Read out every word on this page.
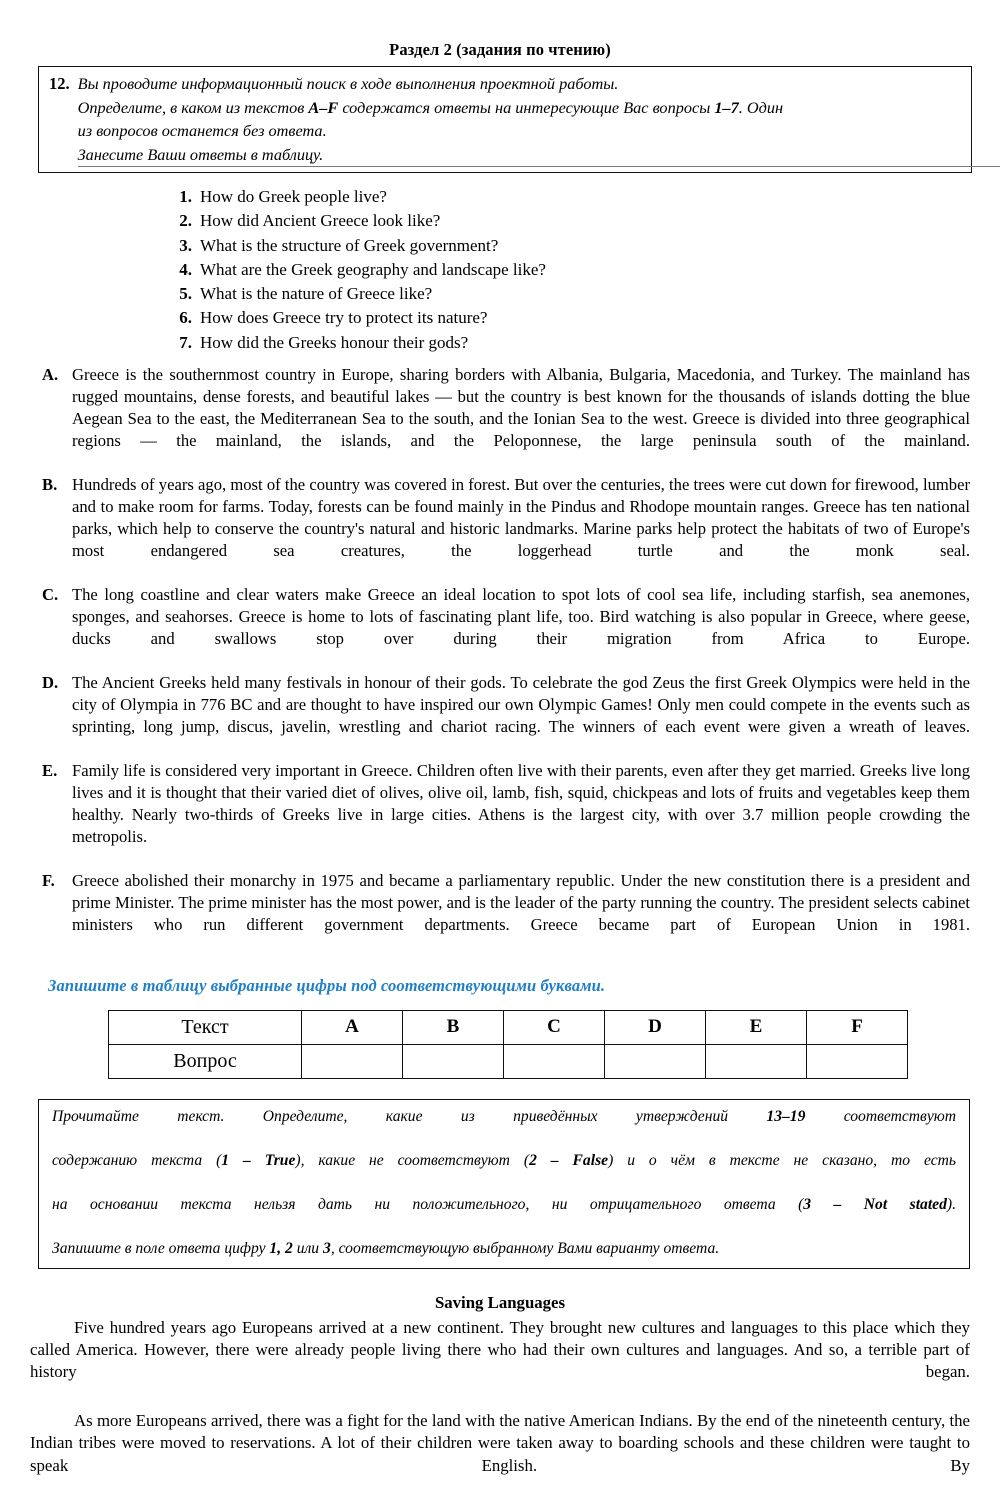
Раздел 2 (задания по чтению)
12. Вы проводите информационный поиск в ходе выполнения проектной работы.
Определите, в каком из текстов A–F содержатся ответы на интересующие Вас вопросы 1–7. Один
из вопросов останется без ответа.
Занесите Ваши ответы в таблицу.
1. How do Greek people live?
2. How did Ancient Greece look like?
3. What is the structure of Greek government?
4. What are the Greek geography and landscape like?
5. What is the nature of Greece like?
6. How does Greece try to protect its nature?
7. How did the Greeks honour their gods?
A. Greece is the southernmost country in Europe, sharing borders with Albania, Bulgaria, Macedonia, and Turkey. The mainland has rugged mountains, dense forests, and beautiful lakes — but the country is best known for the thousands of islands dotting the blue Aegean Sea to the east, the Mediterranean Sea to the south, and the Ionian Sea to the west. Greece is divided into three geographical regions — the mainland, the islands, and the Peloponnese, the large peninsula south of the mainland.
B. Hundreds of years ago, most of the country was covered in forest. But over the centuries, the trees were cut down for firewood, lumber and to make room for farms. Today, forests can be found mainly in the Pindus and Rhodope mountain ranges. Greece has ten national parks, which help to conserve the country's natural and historic landmarks. Marine parks help protect the habitats of two of Europe's most endangered sea creatures, the loggerhead turtle and the monk seal.
C. The long coastline and clear waters make Greece an ideal location to spot lots of cool sea life, including starfish, sea anemones, sponges, and seahorses. Greece is home to lots of fascinating plant life, too. Bird watching is also popular in Greece, where geese, ducks and swallows stop over during their migration from Africa to Europe.
D. The Ancient Greeks held many festivals in honour of their gods. To celebrate the god Zeus the first Greek Olympics were held in the city of Olympia in 776 BC and are thought to have inspired our own Olympic Games! Only men could compete in the events such as sprinting, long jump, discus, javelin, wrestling and chariot racing. The winners of each event were given a wreath of leaves.
E. Family life is considered very important in Greece. Children often live with their parents, even after they get married. Greeks live long lives and it is thought that their varied diet of olives, olive oil, lamb, fish, squid, chickpeas and lots of fruits and vegetables keep them healthy. Nearly two-thirds of Greeks live in large cities. Athens is the largest city, with over 3.7 million people crowding the metropolis.
F.	Greece abolished their monarchy in 1975 and became a parliamentary republic. Under the new constitution there is a president and prime Minister. The prime minister has the most power, and is the leader of the party running the country. The president selects cabinet ministers who run different government departments. Greece became part of European Union in 1981.
Запишите в таблицу выбранные цифры под соответствующими буквами.
Текст	A	B	C	D	E	F
Вопрос						
Прочитайте текст. Определите, какие из приведённых утверждений 13–19 соответствуют
содержанию текста (1 – True), какие не соответствуют (2 – False) и о чём в тексте не сказано, то есть
на основании текста нельзя дать ни положительного, ни отрицательного ответа (3 – Not stated).
Запишите в поле ответа цифру 1, 2 или 3, соответствующую выбранному Вами варианту ответа.
Saving Languages
Five hundred years ago Europeans arrived at a new continent. They brought new cultures and languages to this place which they called America. However, there were already people living there who had their own cultures and languages. And so, a terrible part of history began.
As more Europeans arrived, there was a fight for the land with the native American Indians. By the end of the nineteenth century, the Indian tribes were moved to reservations. A lot of their children were taken away to boarding schools and these children were taught to speak English. By
